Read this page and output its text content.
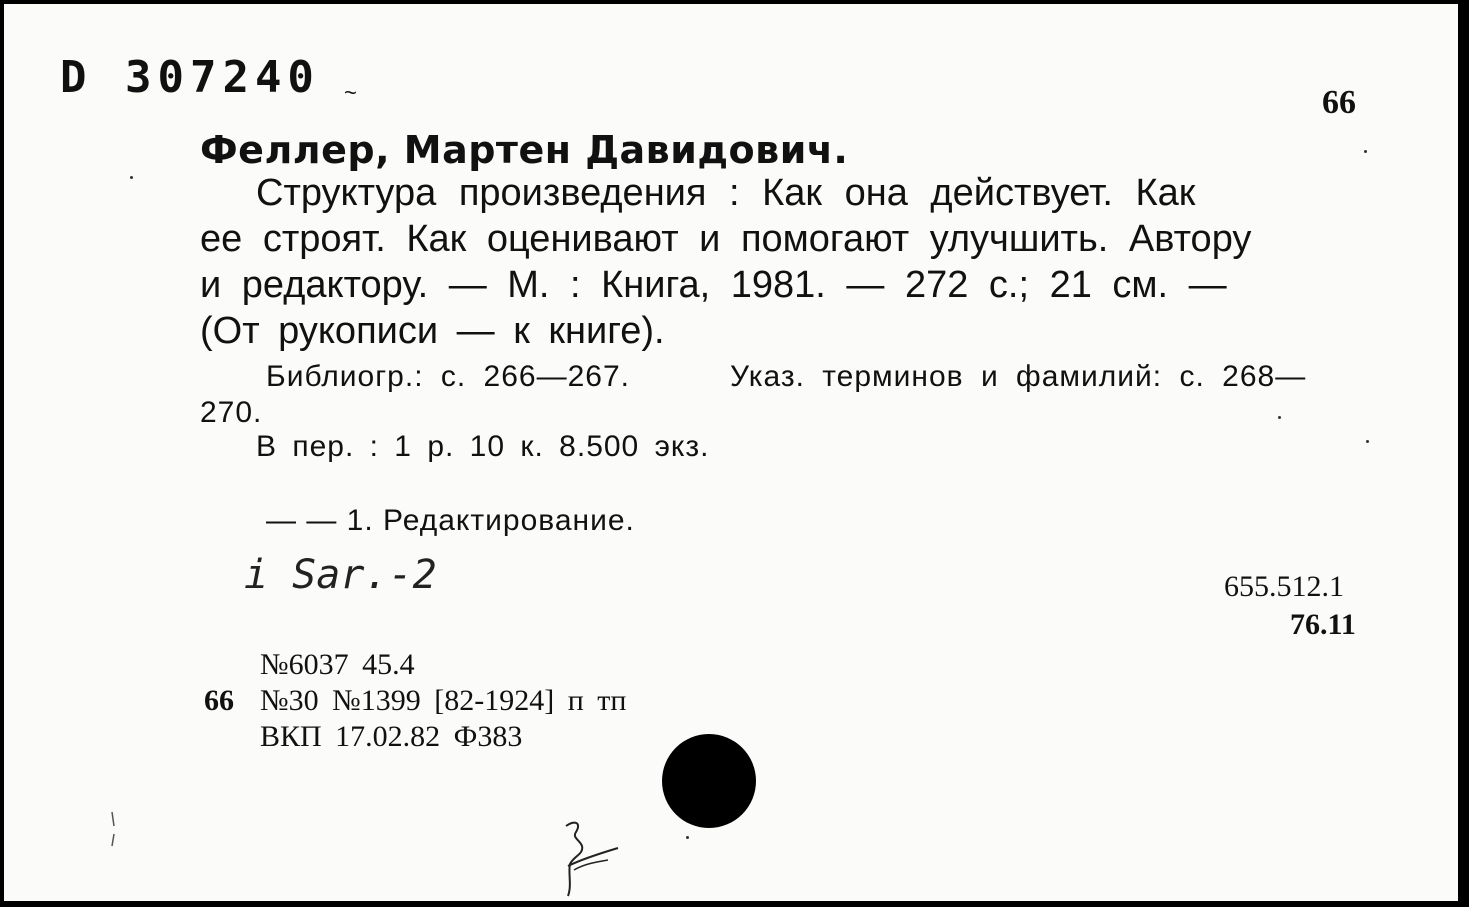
D 307240 ~	66
Феллер, Мартен Давидович.
Структура произведения : Как она действует. Как
ее строят. Как оценивают и помогают улучшить. Автору
и редактору. — М. : Книга, 1981. — 272 с.; 21 см. —
(От рукописи — к книге).
Библиогр.: с. 266—267.	Указ. терминов и фамилий: с. 268—
270.
В пер. : 1 р. 10 к. 8.500 экз.
— — 1. Редактирование.
i Sar.-2	655.512.1
76.11
№6037 45.4
66 №30 №1399 [82-1924] п тп
ВКП 17.02.82 Ф383
